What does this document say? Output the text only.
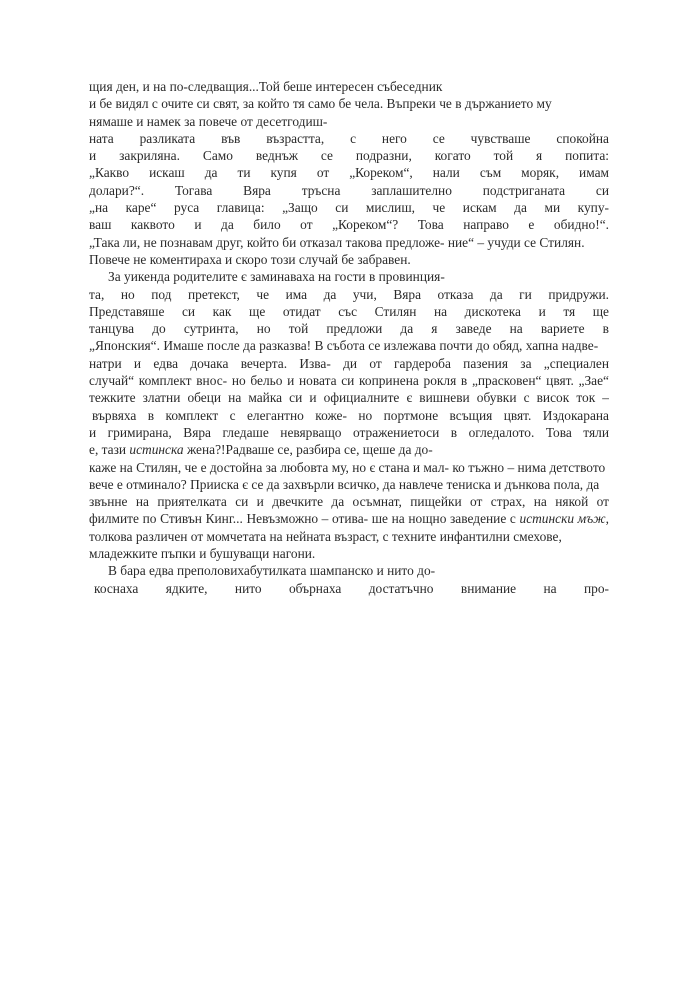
щия ден, и на по-следващия...Той беше интересен събеседник
и бе видял с очите си свят, за който тя само бе чела. Въпреки че в държанието му
нямаше и намек за повече от десетгодиш-
ната разликата във възрастта, с него се чувстваше спокойна
и закриляна. Само веднъж се подразни, когато той я попита:
„Какво искаш да ти купя от „Кореком“, нали съм моряк, имам
долари?“. Тогава Вяра тръсна заплашително подстриганата си
„на каре“ руса главица: „Защо си мислиш, че искам да ми купу-
ваш каквото и да било от „Кореком“? Това направо е обидно!“.
„Така ли, не познавам друг, който би отказал такова предложе- ние“ – учуди се Стилян.
Повече не коментираха и скоро този случай бе забравен.
За уикенда родителите є заминаваха на гости в провинция-
та, но под претекст, че има да учи, Вяра отказа да ги придружи.
Представяше си как ще отидат със Стилян на дискотека и тя ще
танцува до сутринта, но той предложи да я заведе на вариете в
„Японския“. Имаше после да разказва! В събота се излежава почти до обяд, хапна надве-
натри и едва дочака вечерта. Изва- ди от гардероба пазения за „специален
случай“ комплект внос- но бельо и новата си копринена рокля в „прасковен“ цвят. „Зае“
тежките златни обеци на майка си и официалните є вишневи обувки с висок ток –
вървяха в комплект с елегантно коже- но портмоне всъщия цвят. Издокарана
и гримирана, Вяра гледаше невярващо отражениетоси в огледалото. Това тяли
е, тази истинска жена?!Радваше се, разбира се, щеше да до-
каже на Стилян, че е достойна за любовта му, но є стана и мал- ко тъжно – нима детството
вече е отминало? Прииска є се да захвърли всичко, да навлече тениска и дънкова пола, да
звънне на приятелката си и двечките да осъмнат, пищейки от страх, на някой от
филмите по Стивън Кинг... Невъзможно – отива- ше на нощно заведение с истински мъж,
толкова различен от момчетата на нейната възраст, с техните инфантилни смехове,
младежките пъпки и бушуващи нагони.
В бара едва преполовихабутилката шампанско и нито до-
коснаха ядките, нито обърнаха достатъчно внимание на про-
